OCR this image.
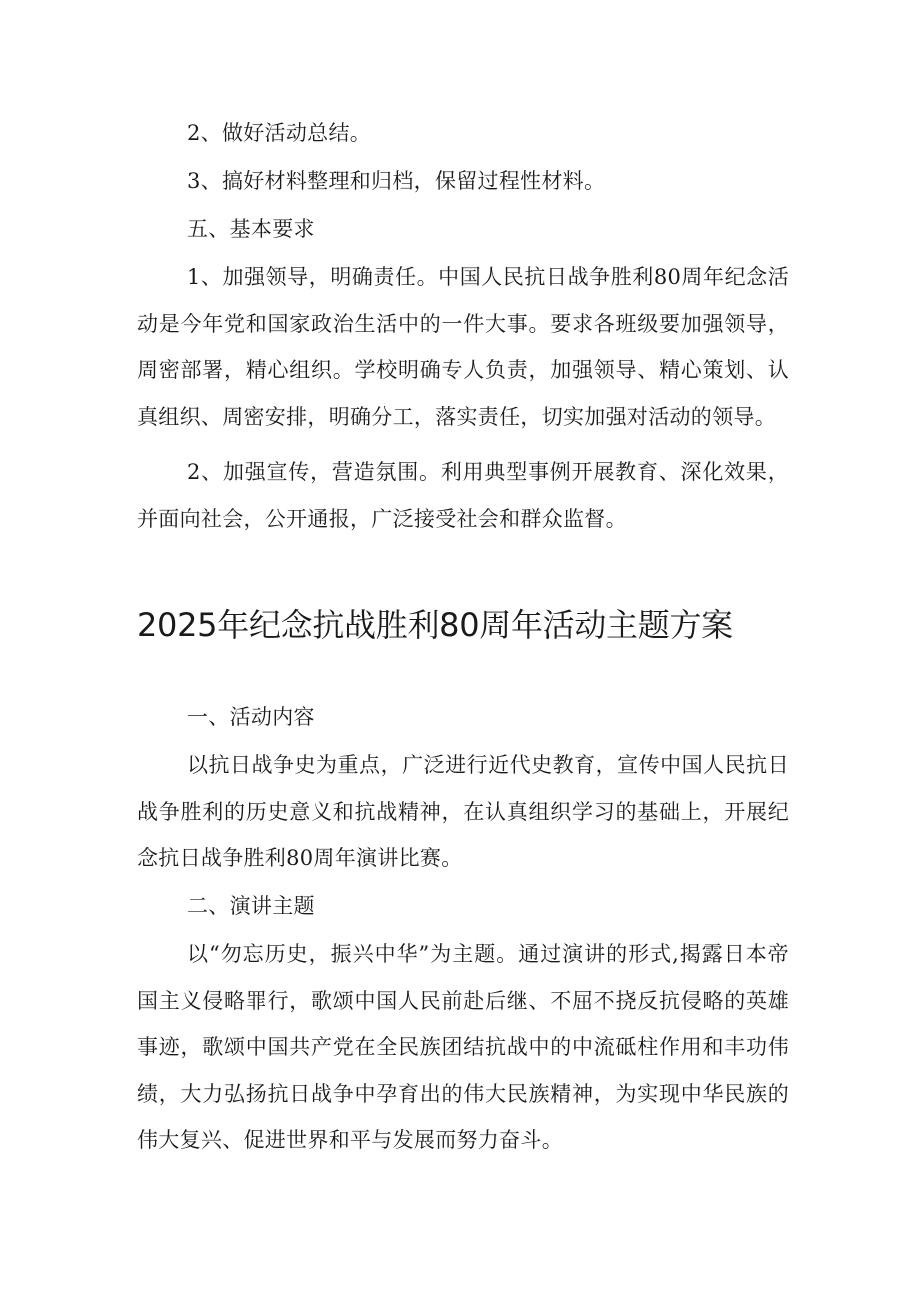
2、做好活动总结。

3、搞好材料整理和归档，保留过程性材料。

五、基本要求

1、加强领导，明确责任。中国人民抗日战争胜利80周年纪念活动是今年党和国家政治生活中的一件大事。要求各班级要加强领导，周密部署，精心组织。学校明确专人负责，加强领导、精心策划、认真组织、周密安排，明确分工，落实责任，切实加强对活动的领导。

2、加强宣传，营造氛围。利用典型事例开展教育、深化效果，并面向社会，公开通报，广泛接受社会和群众监督。

2025年纪念抗战胜利80周年活动主题方案

一、活动内容

以抗日战争史为重点，广泛进行近代史教育，宣传中国人民抗日战争胜利的历史意义和抗战精神，在认真组织学习的基础上，开展纪念抗日战争胜利80周年演讲比赛。

二、演讲主题

以“勿忘历史，振兴中华”为主题。通过演讲的形式,揭露日本帝国主义侵略罪行，歌颂中国人民前赴后继、不屈不挠反抗侵略的英雄事迹，歌颂中国共产党在全民族团结抗战中的中流砥柱作用和丰功伟绩，大力弘扬抗日战争中孕育出的伟大民族精神，为实现中华民族的伟大复兴、促进世界和平与发展而努力奋斗。
